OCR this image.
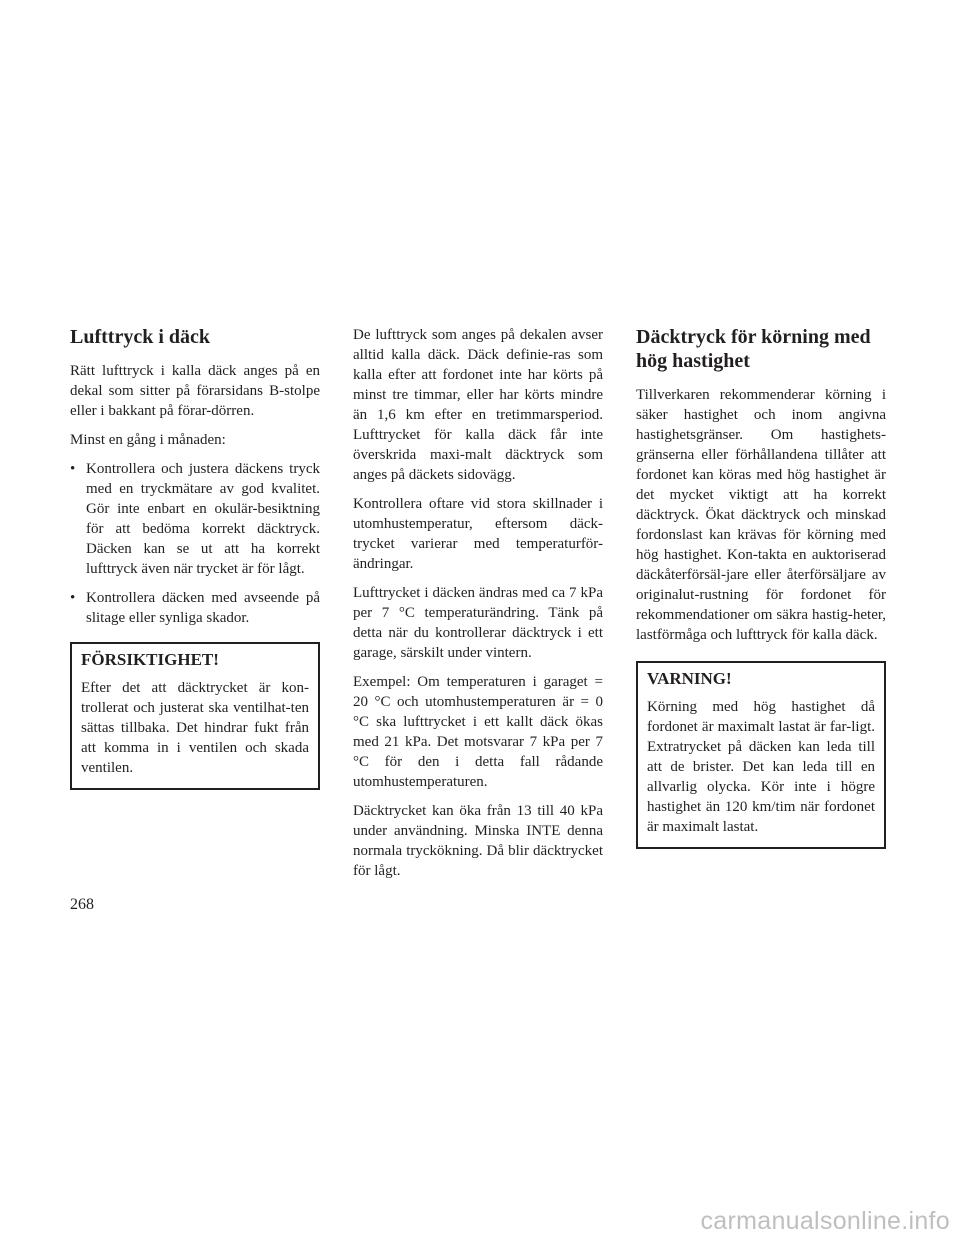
Lufttryck i däck

Rätt lufttryck i kalla däck anges på en dekal som sitter på förarsidans B-stolpe eller i bakkant på förar-dörren.

Minst en gång i månaden:

• Kontrollera och justera däckens tryck med en tryckmätare av god kvalitet. Gör inte enbart en okulär-besiktning för att bedöma korrekt däcktryck. Däcken kan se ut att ha korrekt lufttryck även när trycket är för lågt.
• Kontrollera däcken med avseende på slitage eller synliga skador.
FÖRSIKTIGHET!

Efter det att däcktrycket är kon-trollerat och justerat ska ventilhat-ten sättas tillbaka. Det hindrar fukt från att komma in i ventilen och skada ventilen.

De lufttryck som anges på dekalen avser alltid kalla däck. Däck definie-ras som kalla efter att fordonet inte har körts på minst tre timmar, eller har körts mindre än 1,6 km efter en tretimmarsperiod. Lufttrycket för kalla däck får inte överskrida maxi-malt däcktryck som anges på däckets sidovägg.

Kontrollera oftare vid stora skillnader i utomhustemperatur, eftersom däck-trycket varierar med temperaturför-ändringar.

Lufttrycket i däcken ändras med ca 7 kPa per 7 °C temperaturändring. Tänk på detta när du kontrollerar däcktryck i ett garage, särskilt under vintern.

Exempel: Om temperaturen i garaget = 20 °C och utomhustemperaturen är = 0 °C ska lufttrycket i ett kallt däck ökas med 21 kPa. Det motsvarar 7 kPa per 7 °C för den i detta fall rådande utomhustemperaturen.

Däcktrycket kan öka från 13 till 40 kPa under användning. Minska INTE denna normala tryckökning. Då blir däcktrycket för lågt.

Däcktryck för körning med hög hastighet

Tillverkaren rekommenderar körning i säker hastighet och inom angivna hastighetsgränser. Om hastighets-gränserna eller förhållandena tillåter att fordonet kan köras med hög hastighet är det mycket viktigt att ha korrekt däcktryck. Ökat däcktryck och minskad fordonslast kan krävas för körning med hög hastighet. Kon-takta en auktoriserad däckåterförsäl-jare eller återförsäljare av originalut-rustning för fordonet för rekommendationer om säkra hastig-heter, lastförmåga och lufttryck för kalla däck.

VARNING!

Körning med hög hastighet då fordonet är maximalt lastat är far-ligt. Extratrycket på däcken kan leda till att de brister. Det kan leda till en allvarlig olycka. Kör inte i högre hastighet än 120 km/tim när fordonet är maximalt lastat.

268
carmanualsonline.info
